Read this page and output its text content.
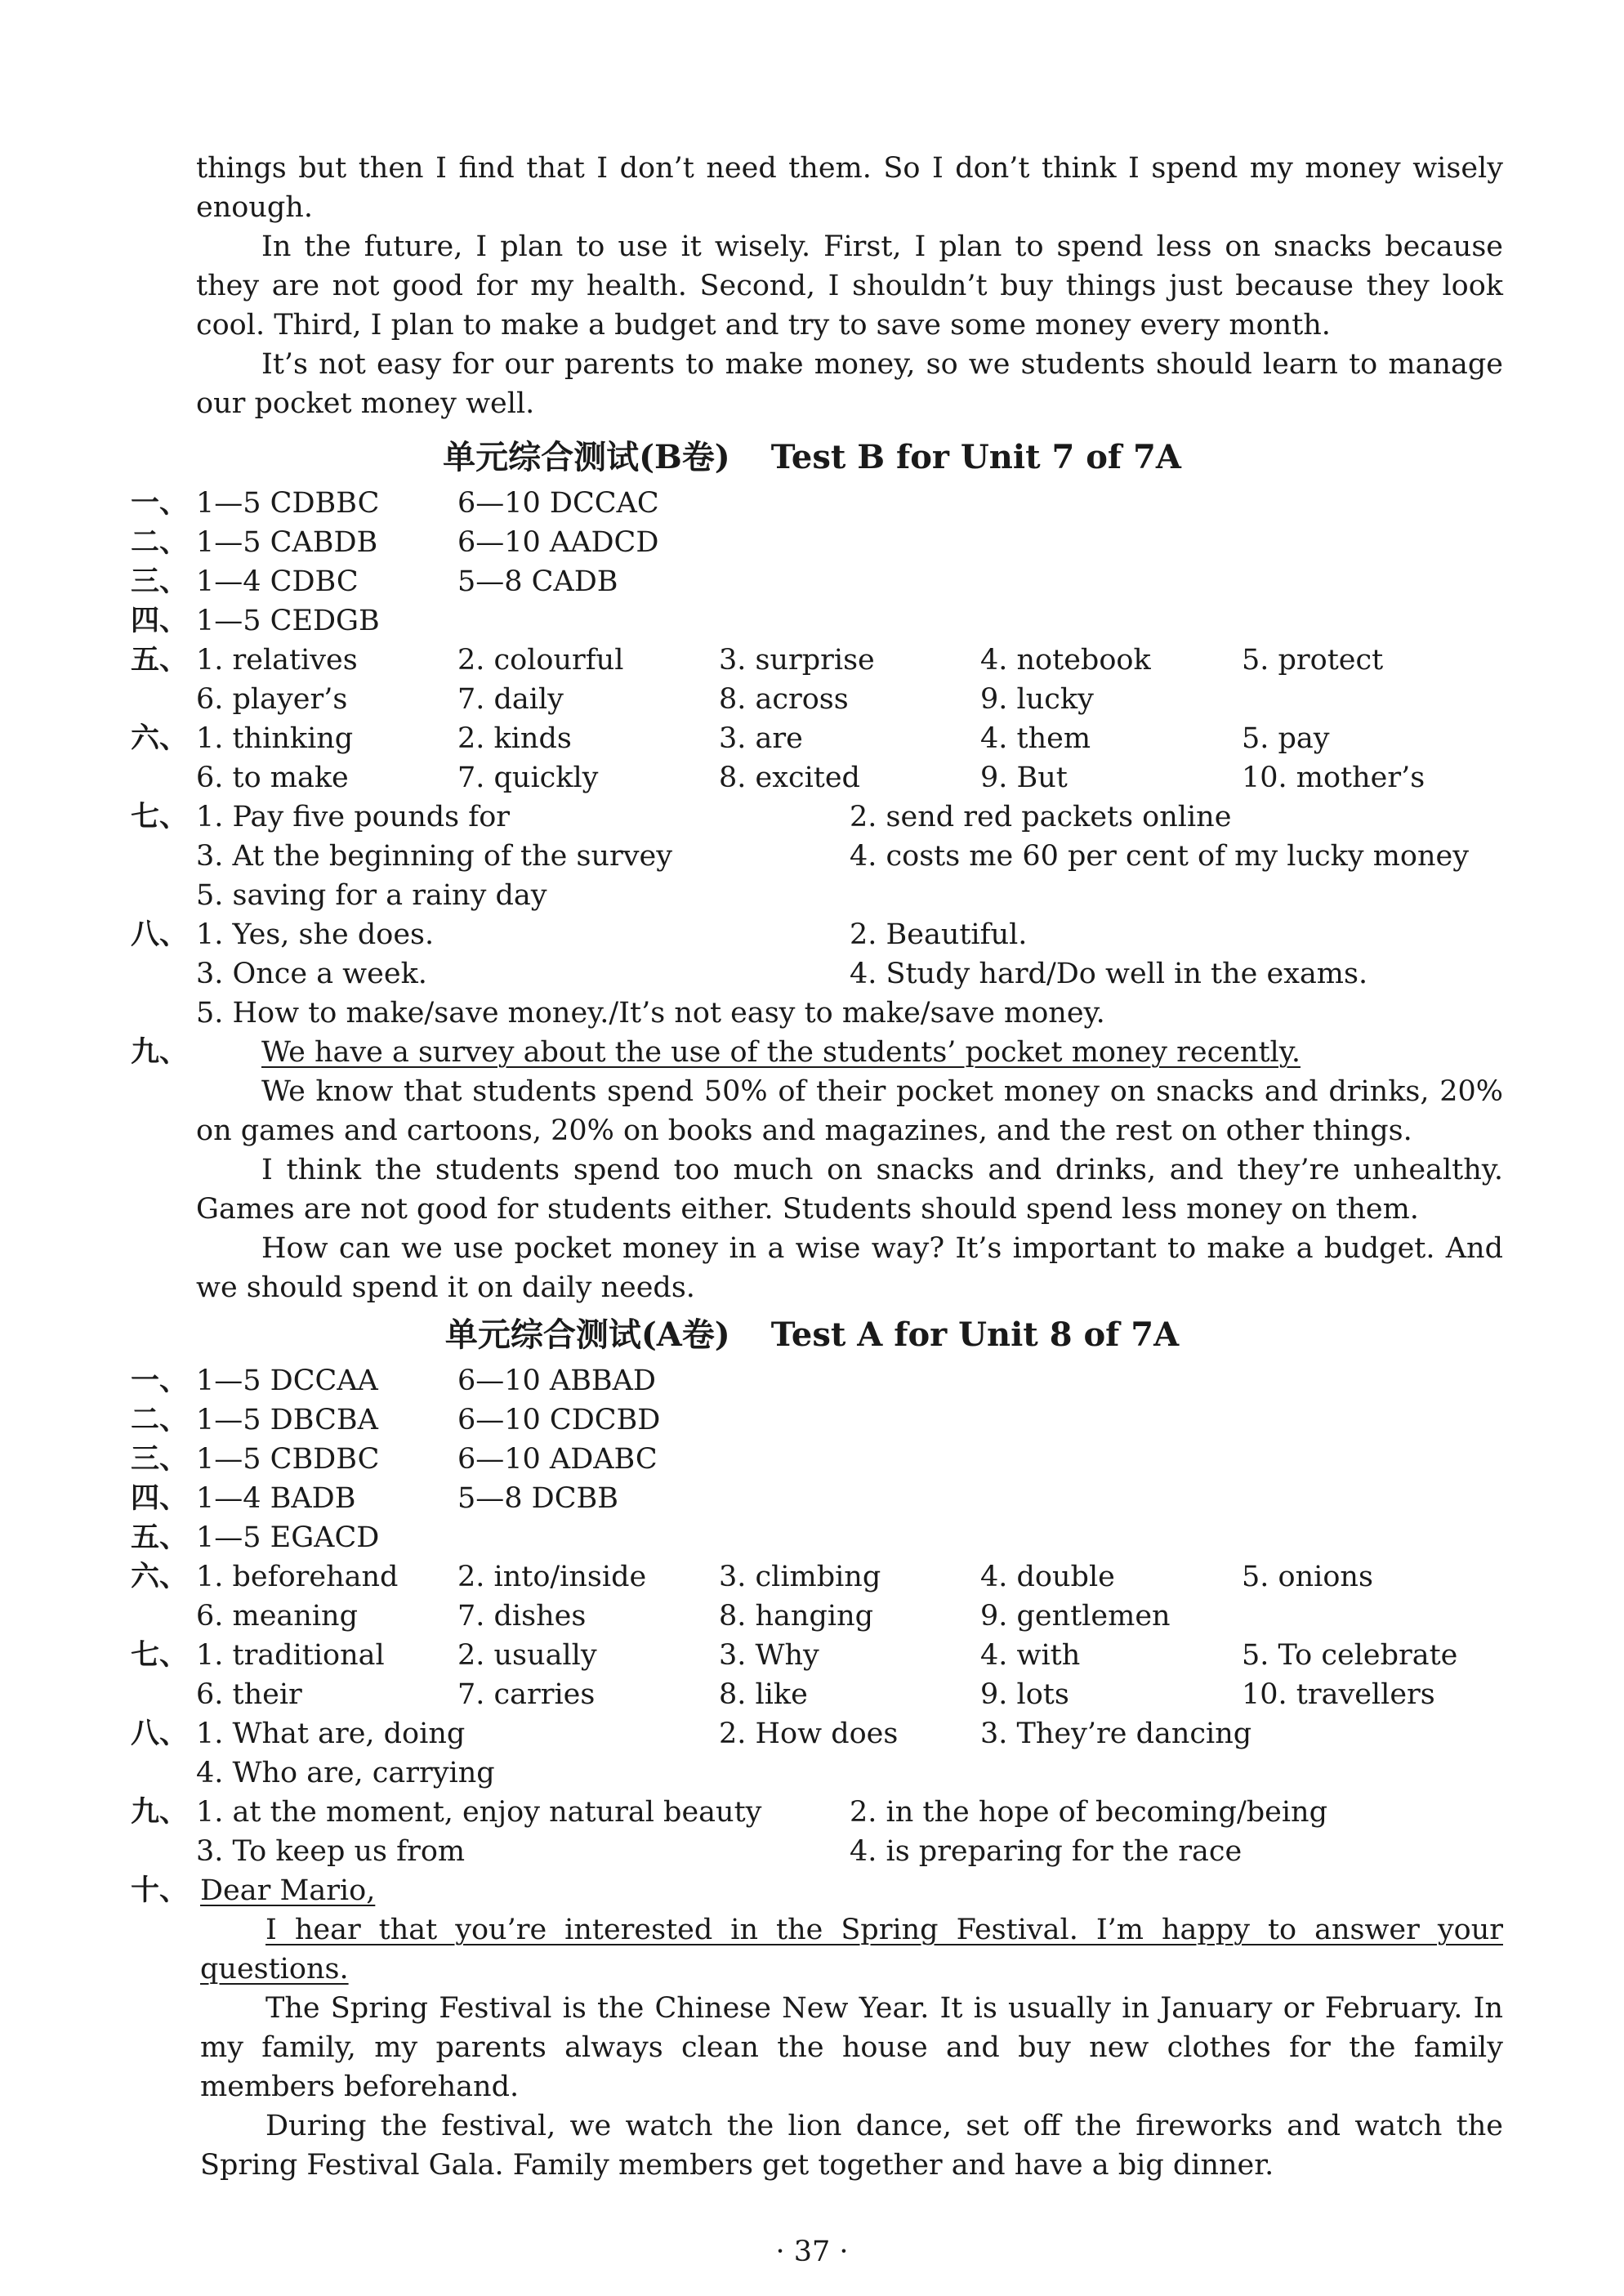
things but then I find that I don’t need them. So I don’t think I spend my money wisely enough.

In the future, I plan to use it wisely. First, I plan to spend less on snacks because they are not good for my health. Second, I shouldn’t buy things just because they look cool. Third, I plan to make a budget and try to save some money every month.

It’s not easy for our parents to make money, so we students should learn to manage our pocket money well.

单元综合测试(B卷) Test B for Unit 7 of 7A
一、 1—5 CDBBC	6—10 DCCAC
二、 1—5 CABDB	6—10 AADCD
三、 1—4 CDBC	5—8 CADB
四、 1—5 CEDGB
五、 1. relatives	2. colourful	3. surprise	4. notebook	5. protect
6. player’s	7. daily	8. across	9. lucky
六、 1. thinking	2. kinds	3. are	4. them	5. pay
6. to make	7. quickly	8. excited	9. But	10. mother’s
七、 1. Pay five pounds for	2. send red packets online
3. At the beginning of the survey	4. costs me 60 per cent of my lucky money
5. saving for a rainy day
八、 1. Yes, she does.	2. Beautiful.
3. Once a week.	4. Study hard/Do well in the exams.
5. How to make/save money./It’s not easy to make/save money.
九、	We have a survey about the use of the students’ pocket money recently.

We know that students spend 50% of their pocket money on snacks and drinks, 20% on games and cartoons, 20% on books and magazines, and the rest on other things.

I think the students spend too much on snacks and drinks, and they’re unhealthy. Games are not good for students either. Students should spend less money on them.

How can we use pocket money in a wise way? It’s important to make a budget. And we should spend it on daily needs.

单元综合测试(A卷) Test A for Unit 8 of 7A
一、 1—5 DCCAA	6—10 ABBAD
二、 1—5 DBCBA	6—10 CDCBD
三、 1—5 CBDBC	6—10 ADABC
四、 1—4 BADB	5—8 DCBB
五、 1—5 EGACD
六、 1. beforehand 2. into/inside	3. climbing	4. double	5. onions
6. meaning	7. dishes	8. hanging	9. gentlemen
七、 1. traditional	2. usually	3. Why	4. with	5. To celebrate
6. their	7. carries	8. like	9. lots	10. travellers
八、 1. What are, doing	2. How does	3. They’re dancing
4. Who are, carrying
九、 1. at the moment, enjoy natural beauty	2. in the hope of becoming/being
3. To keep us from	4. is preparing for the race
十、 Dear Mario,

I hear that you’re interested in the Spring Festival. I’m happy to answer your questions.

The Spring Festival is the Chinese New Year. It is usually in January or February. In my family, my parents always clean the house and buy new clothes for the family members beforehand.

During the festival, we watch the lion dance, set off the fireworks and watch the Spring Festival Gala. Family members get together and have a big dinner.

· 37 ·
